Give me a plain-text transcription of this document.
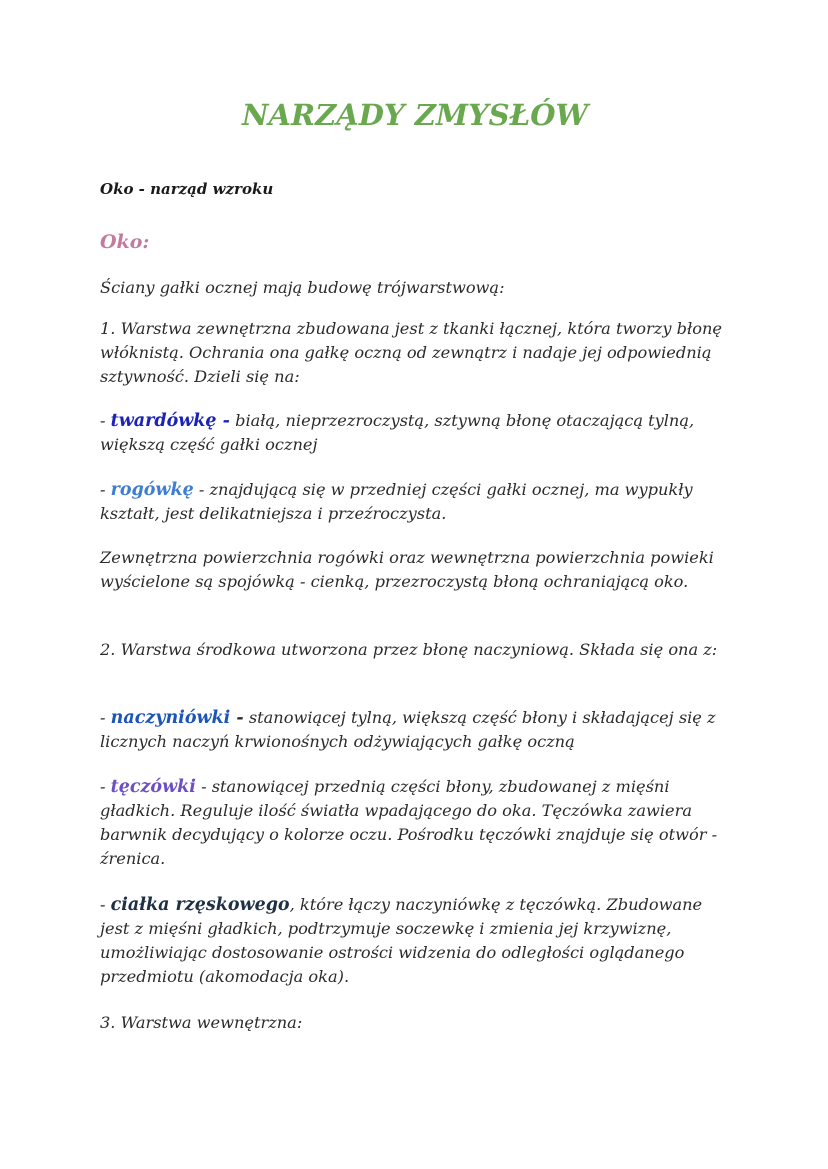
NARZĄDY ZMYSŁÓW

Oko - narząd wzroku

Oko:

Ściany gałki ocznej mają budowę trójwarstwową:

1. Warstwa zewnętrzna zbudowana jest z tkanki łącznej, która tworzy błonę włóknistą. Ochrania ona gałkę oczną od zewnątrz i nadaje jej odpowiednią sztywność. Dzieli się na:

- twardówkę - białą, nieprzezroczystą, sztywną błonę otaczającą tylną, większą część gałki ocznej

- rogówkę - znajdującą się w przedniej części gałki ocznej, ma wypukły kształt, jest delikatniejsza i przeźroczysta.

Zewnętrzna powierzchnia rogówki oraz wewnętrzna powierzchnia powieki wyścielone są spojówką - cienką, przezroczystą błoną ochraniającą oko.

2. Warstwa środkowa utworzona przez błonę naczyniową. Składa się ona z:

- naczyniówki - stanowiącej tylną, większą część błony i składającej się z licznych naczyń krwionośnych odżywiających gałkę oczną

- tęczówki - stanowiącej przednią części błony, zbudowanej z mięśni gładkich. Reguluje ilość światła wpadającego do oka. Tęczówka zawiera barwnik decydujący o kolorze oczu. Pośrodku tęczówki znajduje się otwór - źrenica.

- ciałka rzęskowego, które łączy naczyniówkę z tęczówką. Zbudowane jest z mięśni gładkich, podtrzymuje soczewkę i zmienia jej krzywiznę, umożliwiając dostosowanie ostrości widzenia do odległości oglądanego przedmiotu (akomodacja oka).

3. Warstwa wewnętrzna:
